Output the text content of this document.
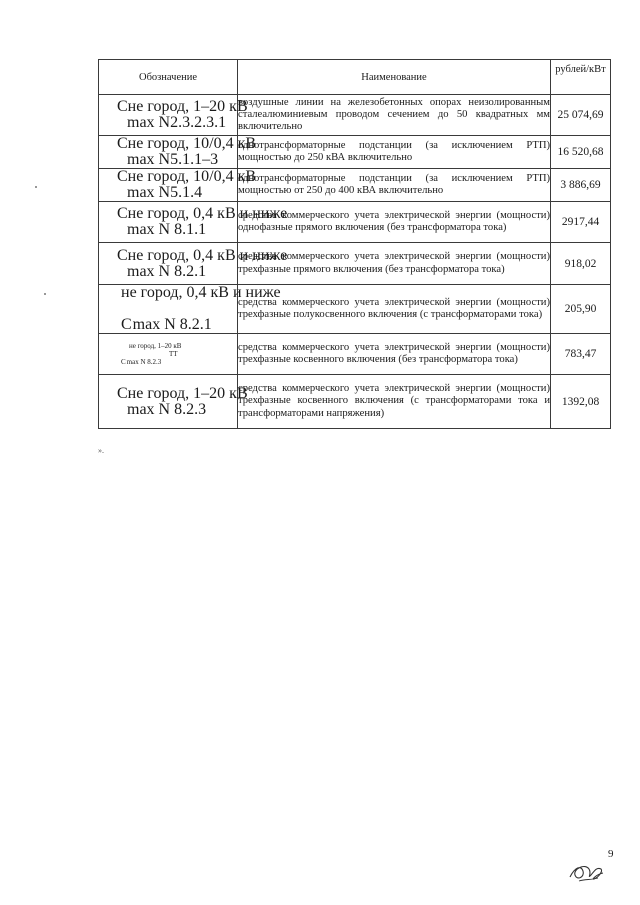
Обозначение	Наименование	рублей/кВт

Cне город, 1–20 кВ
max N2.3.2.3.1	воздушные линии на железобетонных опорах неизолированным сталеалюминиевым проводом сечением до 50 квадратных мм включительно	25 074,69

Cне город, 10/0,4 кВ
max N5.1.1–3	однотрансформаторные подстанции (за исключением РТП) мощностью до 250 кВА включительно	16 520,68

Cне город, 10/0,4 кВ
max N5.1.4	однотрансформаторные подстанции (за исключением РТП) мощностью от 250 до 400 кВА включительно	3 886,69

Cне город, 0,4 кВ и ниже
max N 8.1.1	средства коммерческого учета электрической энергии (мощности) однофазные прямого включения (без трансформатора тока)	2917,44

Cне город, 0,4 кВ и ниже
max N 8.2.1	средства коммерческого учета электрической энергии (мощности) трехфазные прямого включения (без трансформатора тока)	918,02

не город, 0,4 кВ и ниже

Cmax N 8.2.1	средства коммерческого учета электрической энергии (мощности) трехфазные полукосвенного включения (с трансформаторами тока)	205,90

не город, 1–20 кВ
ТТ
Cmax N 8.2.3	средства коммерческого учета электрической энергии (мощности) трехфазные косвенного включения (без трансформатора тока)	783,47

Cне город, 1–20 кВ
max N 8.2.3	средства коммерческого учета электрической энергии (мощности) трехфазные косвенного включения (с трансформаторами тока и трансформаторами напряжения)	1392,08
».
9
